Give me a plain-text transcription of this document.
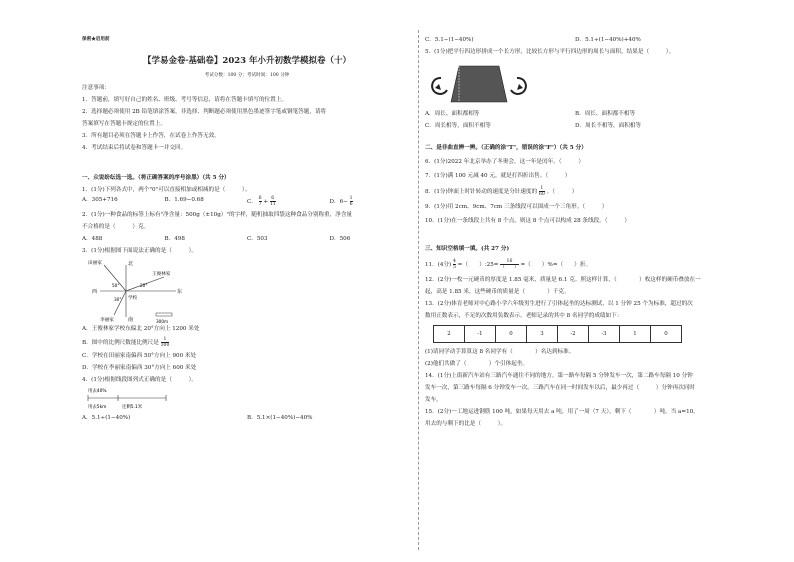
保密★启用前
【学易金卷·基础卷】2023 年小升初数学模拟卷（十）
考试分数：100 分；考试时间：100 分钟
注意事项：
1．答题前，填写好自己的姓名、班级、考号等信息，请将在答题卡填写的位置上。
2．选择题必须使用 2B 铅笔填涂答案，非选择、判断题必须使用黑色墨迹签字笔或钢笔答题，请将
答案填写在答题卡规定的位置上。
3．所有题目必须在答题卡上作答，在试卷上作答无效。
4．考试结束后将试卷和答题卡一并交回。
一、众说纷纭选一选。（将正确答案的序号涂黑）（共 5 分）
1．(1分)下列各式中，两个"0"可以直接相加或相减的是（　　　）。
A．305+716	B．1.69−0.68	C． $\frac{6}{7} + \frac{6}{11}$	D．$6- \frac{1}{6}$
2．(1分)一种食品的标签上标有"净含量：500g（±10g）"的字样，随机抽取四袋这种食品分别称重，净含量
不合格的是（　　　）克。
A．488	B．498	C．503	D．506
3．(1分)根据图下面说法正确的是（　　　）。
北
田丽家
王俊林家
西	东
学校
李丽家	南
50°	20°
30°
300m
A．王俊林家学校东偏北 20°方向上 1200 米处
B．图中的比例尺数能比例尺是 $\frac{1}{300}$
C．学校在田丽家南偏西 50°方向上 900 米处
D．学校在李丽家南偏西 30°方向上 600 米处
4．(1分)根据线段图列式正确的是（　　　）。
用去40%
用去5km	还剩5.1米
A．5.1÷(1−40%)	B．5.1×(1−40%)−40%
C．5.1−(1−40%)	D．5.1÷(1−40%)+40%
5．(1分)把平行四边形拼成一个长方形，比较长方形与平行四边形的周长与面积，结果是（　　　）。
A．周长、面积都相等	B．周长、面积都不相等
C．周长相等，面积不相等	D．周长不相等，面积相等
二、是非曲直辨一辨。（正确的涂"T"，错误的涂"F"）（共 5 分）
6．(1分)2022 年北京举办了冬奥会，这一年是闰年。（　　　）
7．(1分)满 100 元减 40 元，就是打四折出售。（　　　）
8．(1分)钟面上时针转动的速度是分针速度的 $\frac{1}{60}$ 。（　　　）
9．(1分)用 2cm、9cm、7cm 三条线段可以围成一个三角形。（　　　）
10．(1分)在一条线段上共有 8 个点，则这 8 个点可以构成 28 条线段。（　　　）
三、知识空格填一填。(共 27 分)
11．(4分) $\frac{4}{5}$ =（　　）:25= $\frac{16}{( )}$ =（　　）%=（　　）折。
12．(2分)一枚一元硬币的厚度是 1.85 毫米，质量是 6.1 克。照这样计算，（　　　　）枚这样的硬币叠放在一
起，高是 1.85 米，这些硬币的质量是（　　　　）千克。
13．(2分)体育老师对中心路小学六年级男生进行了引体起坐的达标测试，以 1 分钟 25 个为标准，超过的次
数用正数表示，不足的次数用负数表示。老师记录的其中 8 名同学的成绩如下：
2	-1	0	3	-2	-3	1	0
(1)请同学动手算算这 8 名同学有（　　　　）名达到标准。
(2)他们共做了（　　　　）个引体起坐。
14．(1分)上街新汽车站有三路汽车通往不同的地方。第一路车每隔 5 分钟发车一次，第二路车每隔 10 分钟
发车一次，第三路车每隔 6 分钟发车一次。三路汽车在同一时间发车以后，最少再过（　　　）分钟再次同时
发车。
15．(2分)一工地运进钢筋 100 吨，如果每天用去 a 吨，用了一周（7 天），剩下（　　　　）吨。当 a=10，
用去的与剩下的比是（　　　）。
